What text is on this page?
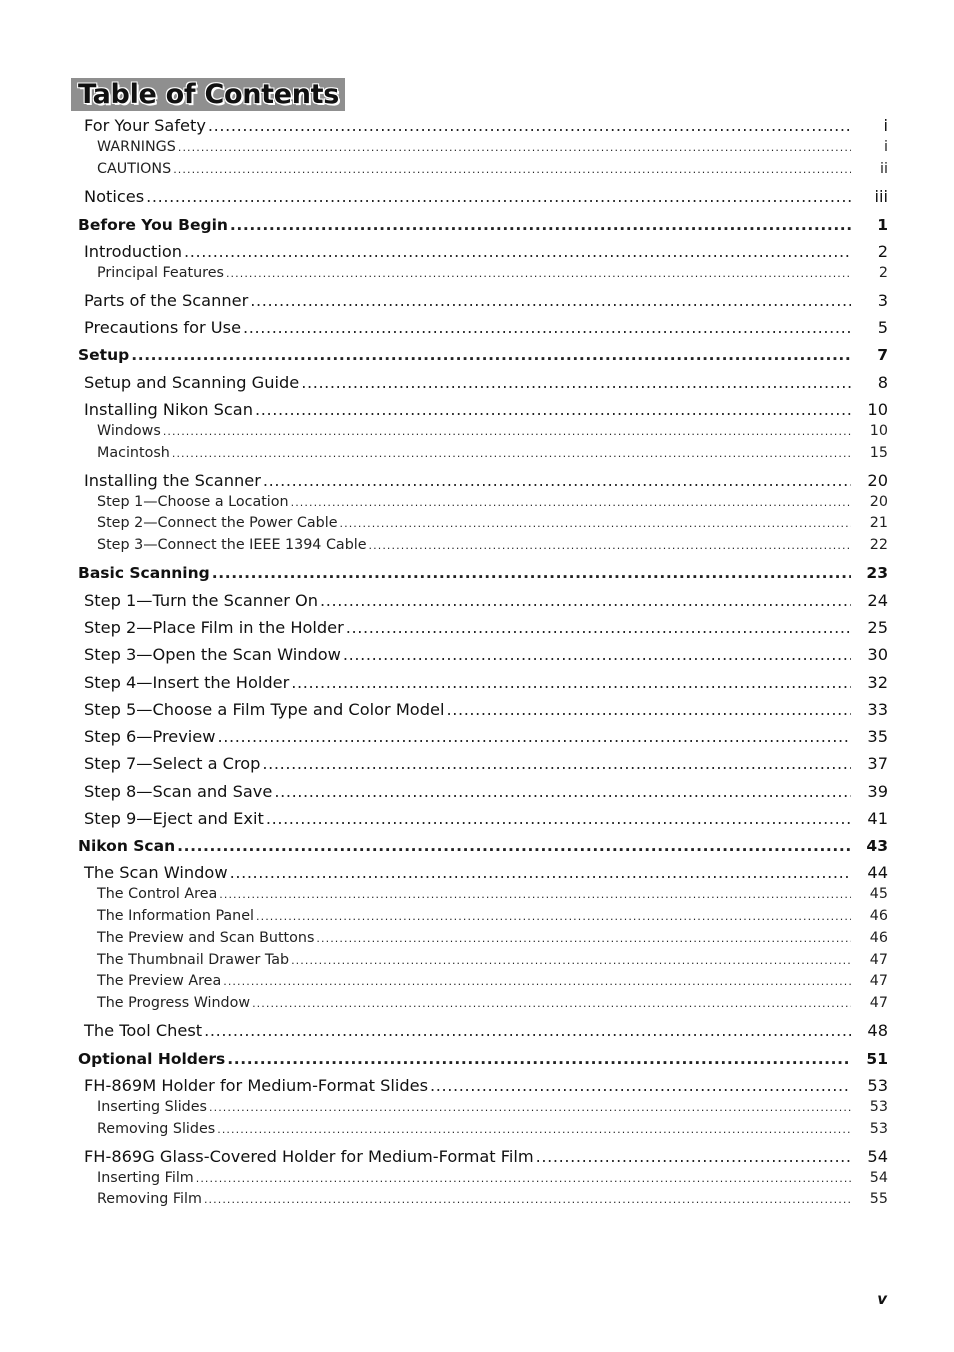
Table of Contents
For Your Safety .....	i
WARNINGS .....	i
CAUTIONS .....	ii
Notices .....	iii
Before You Begin .....	1
Introduction .....	2
Principal Features .....	2
Parts of the Scanner .....	3
Precautions for Use .....	5
Setup .....	7
Setup and Scanning Guide .....	8
Installing Nikon Scan .....	10
Windows .....	10
Macintosh .....	15
Installing the Scanner .....	20
Step 1—Choose a Location .....	20
Step 2—Connect the Power Cable .....	21
Step 3—Connect the IEEE 1394 Cable .....	22
Basic Scanning .....	23
Step 1—Turn the Scanner On .....	24
Step 2—Place Film in the Holder .....	25
Step 3—Open the Scan Window .....	30
Step 4—Insert the Holder .....	32
Step 5—Choose a Film Type and Color Model .....	33
Step 6—Preview .....	35
Step 7—Select a Crop .....	37
Step 8—Scan and Save .....	39
Step 9—Eject and Exit .....	41
Nikon Scan .....	43
The Scan Window .....	44
The Control Area .....	45
The Information Panel .....	46
The Preview and Scan Buttons .....	46
The Thumbnail Drawer Tab .....	47
The Preview Area .....	47
The Progress Window .....	47
The Tool Chest .....	48
Optional Holders .....	51
FH-869M Holder for Medium-Format Slides .....	53
Inserting Slides .....	53
Removing Slides .....	53
FH-869G Glass-Covered Holder for Medium-Format Film .....	54
Inserting Film .....	54
Removing Film .....	55
v
